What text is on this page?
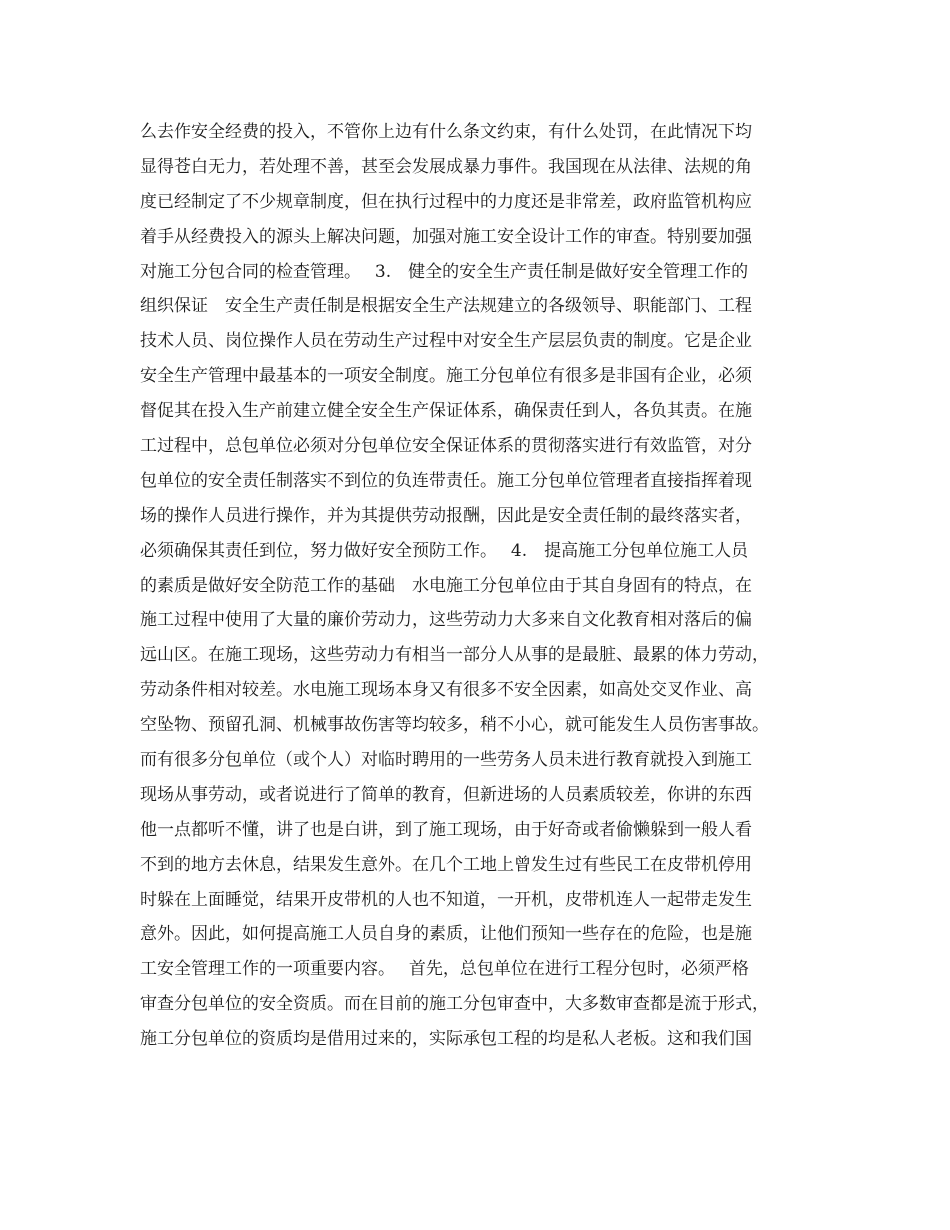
么去作安全经费的投入，不管你上边有什么条文约束，有什么处罚，在此情况下均
显得苍白无力，若处理不善，甚至会发展成暴力事件。我国现在从法律、法规的角
度已经制定了不少规章制度，但在执行过程中的力度还是非常差，政府监管机构应
着手从经费投入的源头上解决问题，加强对施工安全设计工作的审查。特别要加强
对施工分包合同的检查管理。　 3.　健全的安全生产责任制是做好安全管理工作的
组织保证　安全生产责任制是根据安全生产法规建立的各级领导、职能部门、工程
技术人员、岗位操作人员在劳动生产过程中对安全生产层层负责的制度。它是企业
安全生产管理中最基本的一项安全制度。施工分包单位有很多是非国有企业，必须
督促其在投入生产前建立健全安全生产保证体系，确保责任到人，各负其责。在施
工过程中，总包单位必须对分包单位安全保证体系的贯彻落实进行有效监管，对分
包单位的安全责任制落实不到位的负连带责任。施工分包单位管理者直接指挥着现
场的操作人员进行操作，并为其提供劳动报酬，因此是安全责任制的最终落实者，
必须确保其责任到位，努力做好安全预防工作。　 4.　提高施工分包单位施工人员
的素质是做好安全防范工作的基础　水电施工分包单位由于其自身固有的特点，在
施工过程中使用了大量的廉价劳动力，这些劳动力大多来自文化教育相对落后的偏
远山区。在施工现场，这些劳动力有相当一部分人从事的是最脏、最累的体力劳动，
劳动条件相对较差。水电施工现场本身又有很多不安全因素，如高处交叉作业、高
空坠物、预留孔洞、机械事故伤害等均较多，稍不小心，就可能发生人员伤害事故。
而有很多分包单位（或个人）对临时聘用的一些劳务人员未进行教育就投入到施工
现场从事劳动，或者说进行了简单的教育，但新进场的人员素质较差，你讲的东西
他一点都听不懂，讲了也是白讲，到了施工现场，由于好奇或者偷懒躲到一般人看
不到的地方去休息，结果发生意外。在几个工地上曾发生过有些民工在皮带机停用
时躲在上面睡觉，结果开皮带机的人也不知道，一开机，皮带机连人一起带走发生
意外。因此，如何提高施工人员自身的素质，让他们预知一些存在的危险，也是施
工安全管理工作的一项重要内容。　 首先，总包单位在进行工程分包时，必须严格
审查分包单位的安全资质。而在目前的施工分包审查中，大多数审查都是流于形式，
施工分包单位的资质均是借用过来的，实际承包工程的均是私人老板。这和我们国
